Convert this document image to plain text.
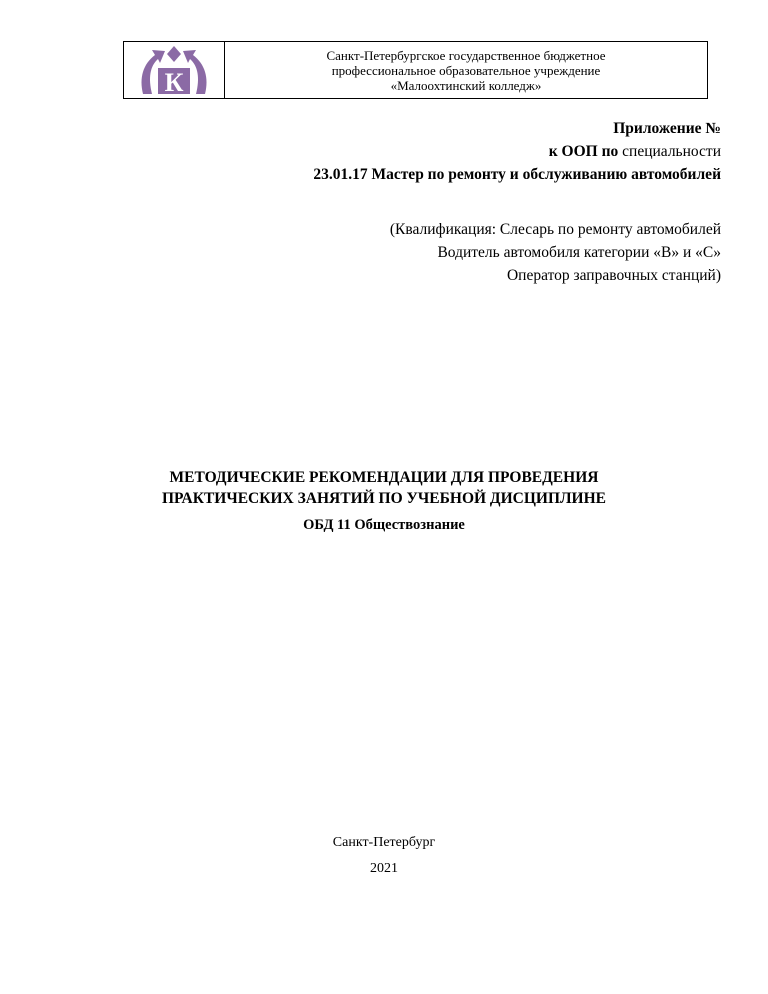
К
Санкт-Петербургское государственное бюджетное
профессиональное образовательное учреждение
«Малоохтинский колледж»
Приложение №
к ООП по специальности
23.01.17 Мастер по ремонту и обслуживанию автомобилей
(Квалификация: Слесарь по ремонту автомобилей
Водитель автомобиля категории «В» и «С»
Оператор заправочных станций)
МЕТОДИЧЕСКИЕ РЕКОМЕНДАЦИИ ДЛЯ ПРОВЕДЕНИЯ
ПРАКТИЧЕСКИХ ЗАНЯТИЙ ПО УЧЕБНОЙ ДИСЦИПЛИНЕ
ОБД 11 Обществознание
Санкт-Петербург
2021
